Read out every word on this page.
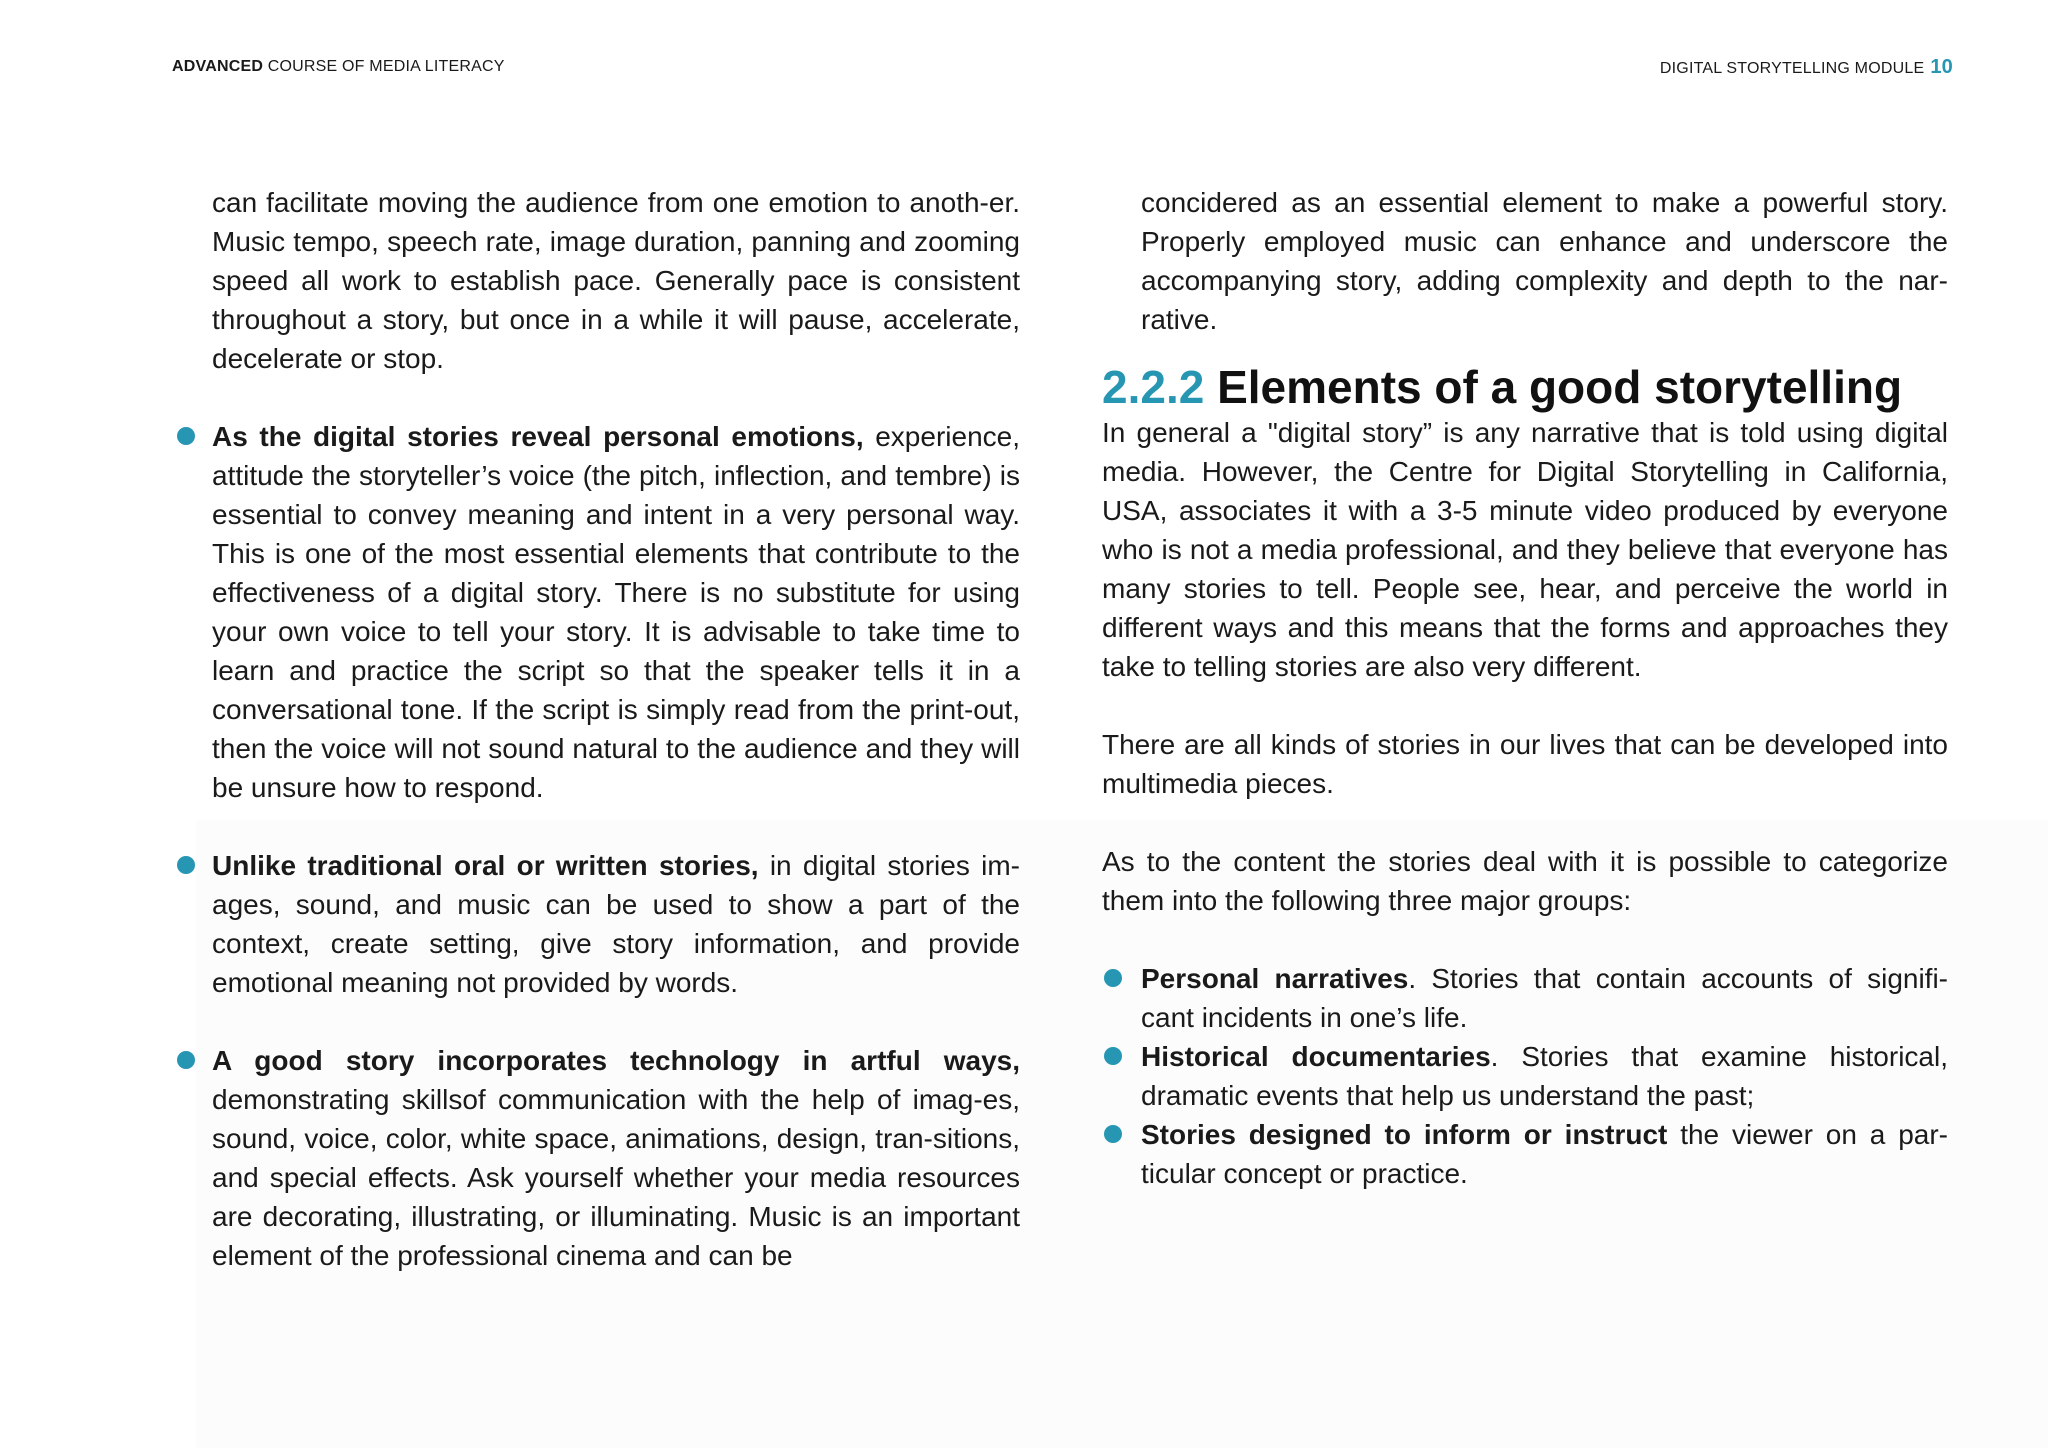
ADVANCED COURSE OF MEDIA LITERACY	DIGITAL STORYTELLING MODULE 10

can facilitate moving the audience from one emotion to anoth-er. Music tempo, speech rate, image duration, panning and zooming speed all work to establish pace. Generally pace is consistent throughout a story, but once in a while it will pause, accelerate, decelerate or stop.

As the digital stories reveal personal emotions, experience, attitude the storyteller’s voice (the pitch, inflection, and tembre) is essential to convey meaning and intent in a very personal way. This is one of the most essential elements that contribute to the effectiveness of a digital story. There is no substitute for using your own voice to tell your story. It is advisable to take time to learn and practice the script so that the speaker tells it in a conversational tone. If the script is simply read from the print-out, then the voice will not sound natural to the audience and they will be unsure how to respond.

Unlike traditional oral or written stories, in digital stories im-ages, sound, and music can be used to show a part of the context, create setting, give story information, and provide emotional meaning not provided by words.

A good story incorporates technology in artful ways, demonstrating skillsof communication with the help of imag-es, sound, voice, color, white space, animations, design, tran-sitions, and special effects. Ask yourself whether your media resources are decorating, illustrating, or illuminating. Music is an important element of the professional cinema and can be

concidered as an essential element to make a powerful story. Properly employed music can enhance and underscore the accompanying story, adding complexity and depth to the nar-rative.

2.2.2 Elements of a good storytelling

In general a "digital story” is any narrative that is told using digital media. However, the Centre for Digital Storytelling in California, USA, associates it with a 3-5 minute video produced by everyone who is not a media professional, and they believe that everyone has many stories to tell. People see, hear, and perceive the world in different ways and this means that the forms and approaches they take to telling stories are also very different.

There are all kinds of stories in our lives that can be developed into multimedia pieces.

As to the content the stories deal with it is possible to categorize them into the following three major groups:

Personal narratives. Stories that contain accounts of signifi-cant incidents in one’s life.

Historical documentaries. Stories that examine historical, dramatic events that help us understand the past;

Stories designed to inform or instruct the viewer on a par-ticular concept or practice.
